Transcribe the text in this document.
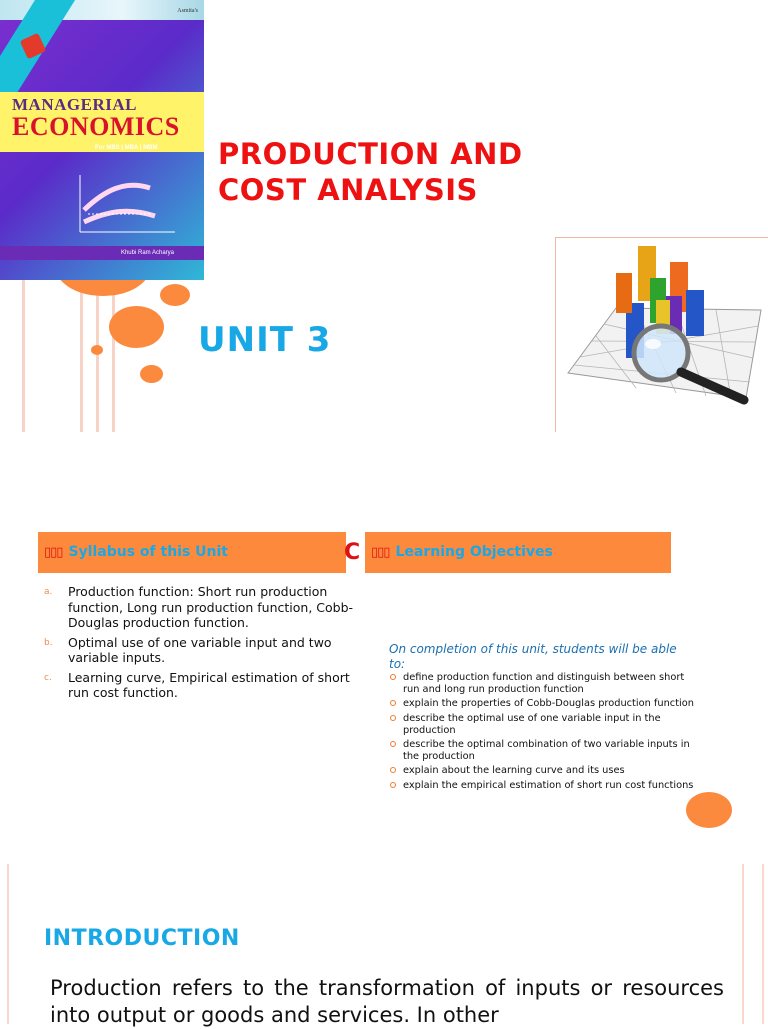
Asmita's
MANAGERIAL
ECONOMICS
For MBS | MBA | MBM
Khubi Ram Acharya
PRODUCTION AND COST ANALYSIS
UNIT 3
▯▯▯ Syllabus of this Unit	C ▯▯▯ Learning Objectives
a. Production function: Short run production function, Long run production function, Cobb-Douglas production function.
b. Optimal use of one variable input and two variable inputs.
c. Learning curve, Empirical estimation of short run cost function.
On completion of this unit, students will be able to:
define production function and distinguish between short run and long run production function
explain the properties of Cobb-Douglas production function
describe the optimal use of one variable input in the production
describe the optimal combination of two variable inputs in the production
explain about the learning curve and its uses
explain the empirical estimation of short run cost functions
INTRODUCTION
Production refers to the transformation of inputs or resources into output or goods and services. In other
